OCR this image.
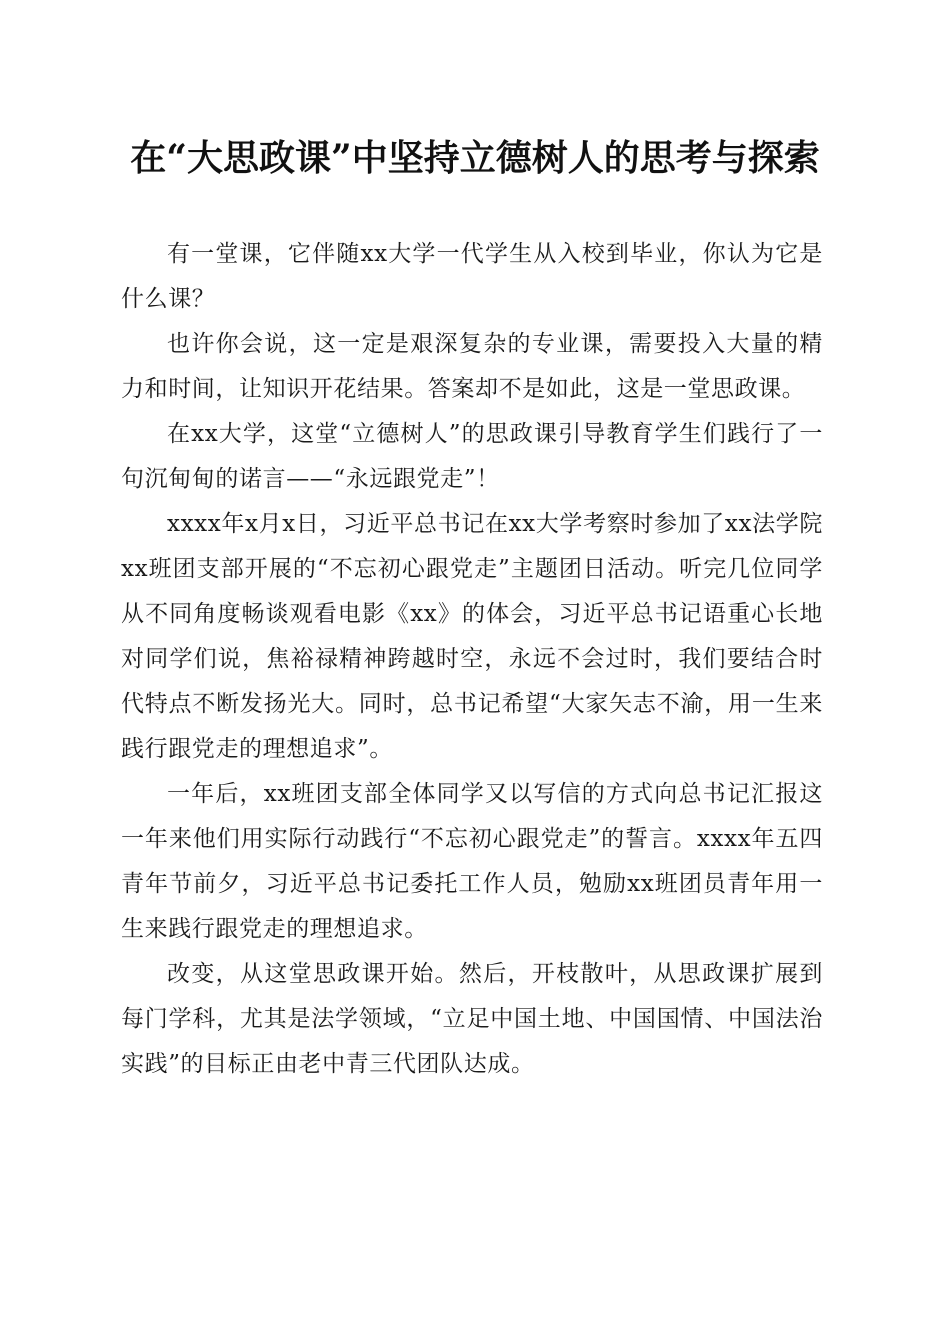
在“大思政课”中坚持立德树人的思考与探索

有一堂课，它伴随xx大学一代学生从入校到毕业，你认为它是什么课？

也许你会说，这一定是艰深复杂的专业课，需要投入大量的精力和时间，让知识开花结果。答案却不是如此，这是一堂思政课。

在xx大学，这堂“立德树人”的思政课引导教育学生们践行了一句沉甸甸的诺言——“永远跟党走”！

xxxx年x月x日，习近平总书记在xx大学考察时参加了xx法学院xx班团支部开展的“不忘初心跟党走”主题团日活动。听完几位同学从不同角度畅谈观看电影《xx》的体会，习近平总书记语重心长地对同学们说，焦裕禄精神跨越时空，永远不会过时，我们要结合时代特点不断发扬光大。同时，总书记希望“大家矢志不渝，用一生来践行跟党走的理想追求”。

一年后，xx班团支部全体同学又以写信的方式向总书记汇报这一年来他们用实际行动践行“不忘初心跟党走”的誓言。xxxx年五四青年节前夕，习近平总书记委托工作人员，勉励xx班团员青年用一生来践行跟党走的理想追求。

改变，从这堂思政课开始。然后，开枝散叶，从思政课扩展到每门学科，尤其是法学领域，“立足中国土地、中国国情、中国法治实践”的目标正由老中青三代团队达成。
